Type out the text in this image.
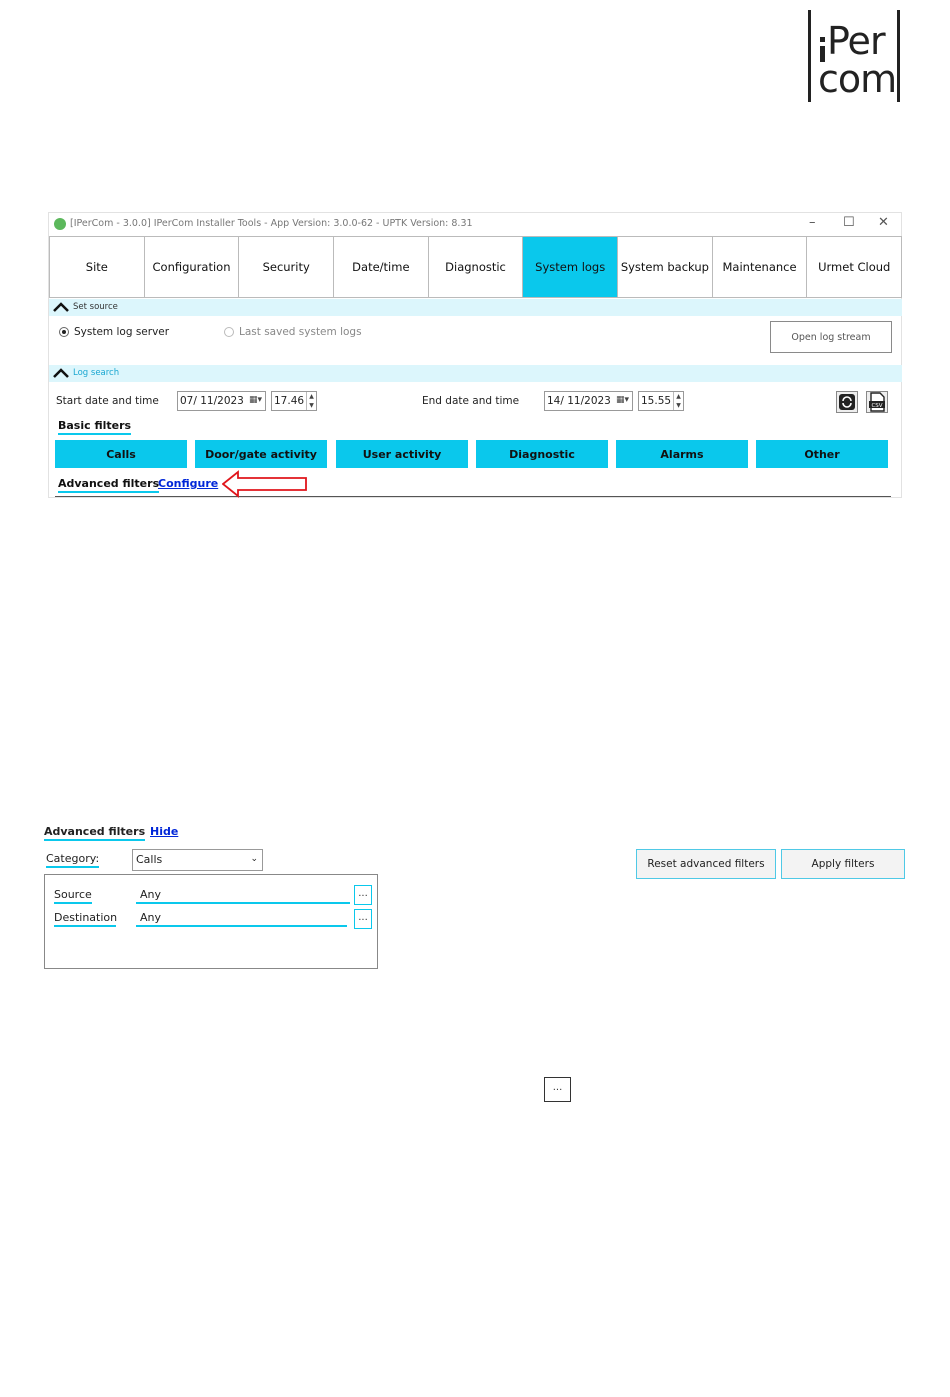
Per
com
[IPerCom - 3.0.0] IPerCom Installer Tools - App Version: 3.0.0-62 - UPTK Version: 8.31	– ☐ ✕
Site	Configuration	Security	Date/time	Diagnostic	System logs	System backup	Maintenance	Urmet Cloud
Set source
System log server	Last saved system logs	Open log stream
Log search
Start date and time 07/ 11/2023 ▦▾ 17.46 ▲
▼	End date and time	14/ 11/2023 ▦▾ 15.55 ▲
▼	CSV
Basic filters
Calls	Door/gate activity	User activity	Diagnostic	Alarms	Other
Advanced filters
Configure
Advanced filters Hide
Category:	Calls	⌄	Reset advanced filters	Apply filters
Source	Any	...
Destination	Any	...
...
